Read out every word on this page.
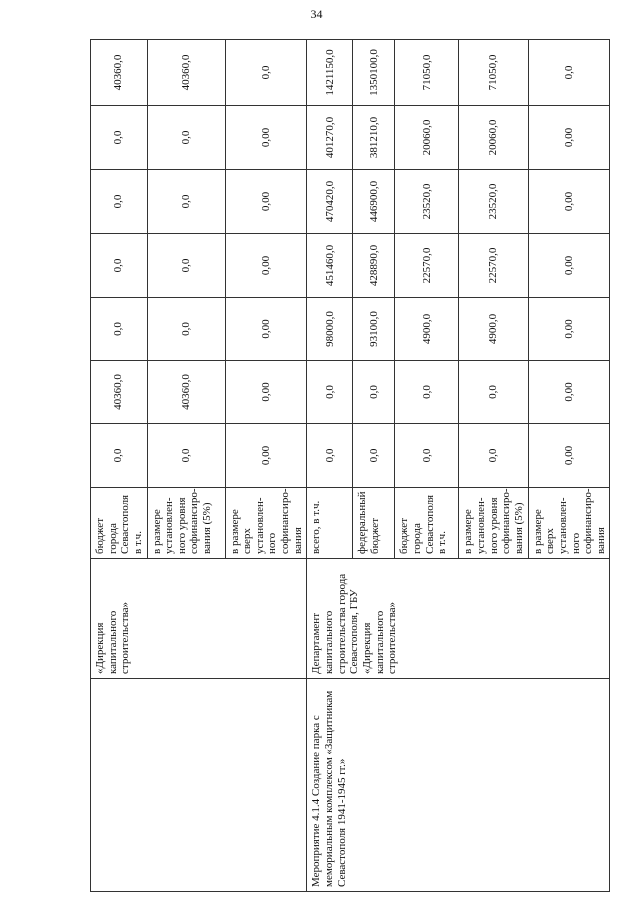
34
	«Дирекция капитального строительства»	бюджет города Севастополя в т.ч.	0,0	40360,0	0,0	0,0	0,0	0,0	40360,0
		в размере установлен-ного уровня софинансиро-вания (5%)	0,0	40360,0	0,0	0,0	0,0	0,0	40360,0
		в размере сверх установлен-ного софинансиро-вания	0,00	0,00	0,00	0,00	0,00	0,00	0,0
Мероприятие 4.1.4 Создание парка с мемориальным комплексом «Защитникам Севастополя 1941-1945 гг.»	Департамент капитального строительства города Севастополя, ГБУ «Дирекция капитального строительства»	всего, в т.ч.	0,0	0,0	98000,0	451460,0	470420,0	401270,0	1421150,0
		федеральный бюджет	0,0	0,0	93100,0	428890,0	446900,0	381210,0	1350100,0
		бюджет города Севастополя в т.ч.	0,0	0,0	4900,0	22570,0	23520,0	20060,0	71050,0
		в размере установлен-ного уровня софинансиро-вания (5%)	0,0	0,0	4900,0	22570,0	23520,0	20060,0	71050,0
		в размере сверх установлен-ного софинансиро-вания	0,00	0,00	0,00	0,00	0,00	0,00	0,0
